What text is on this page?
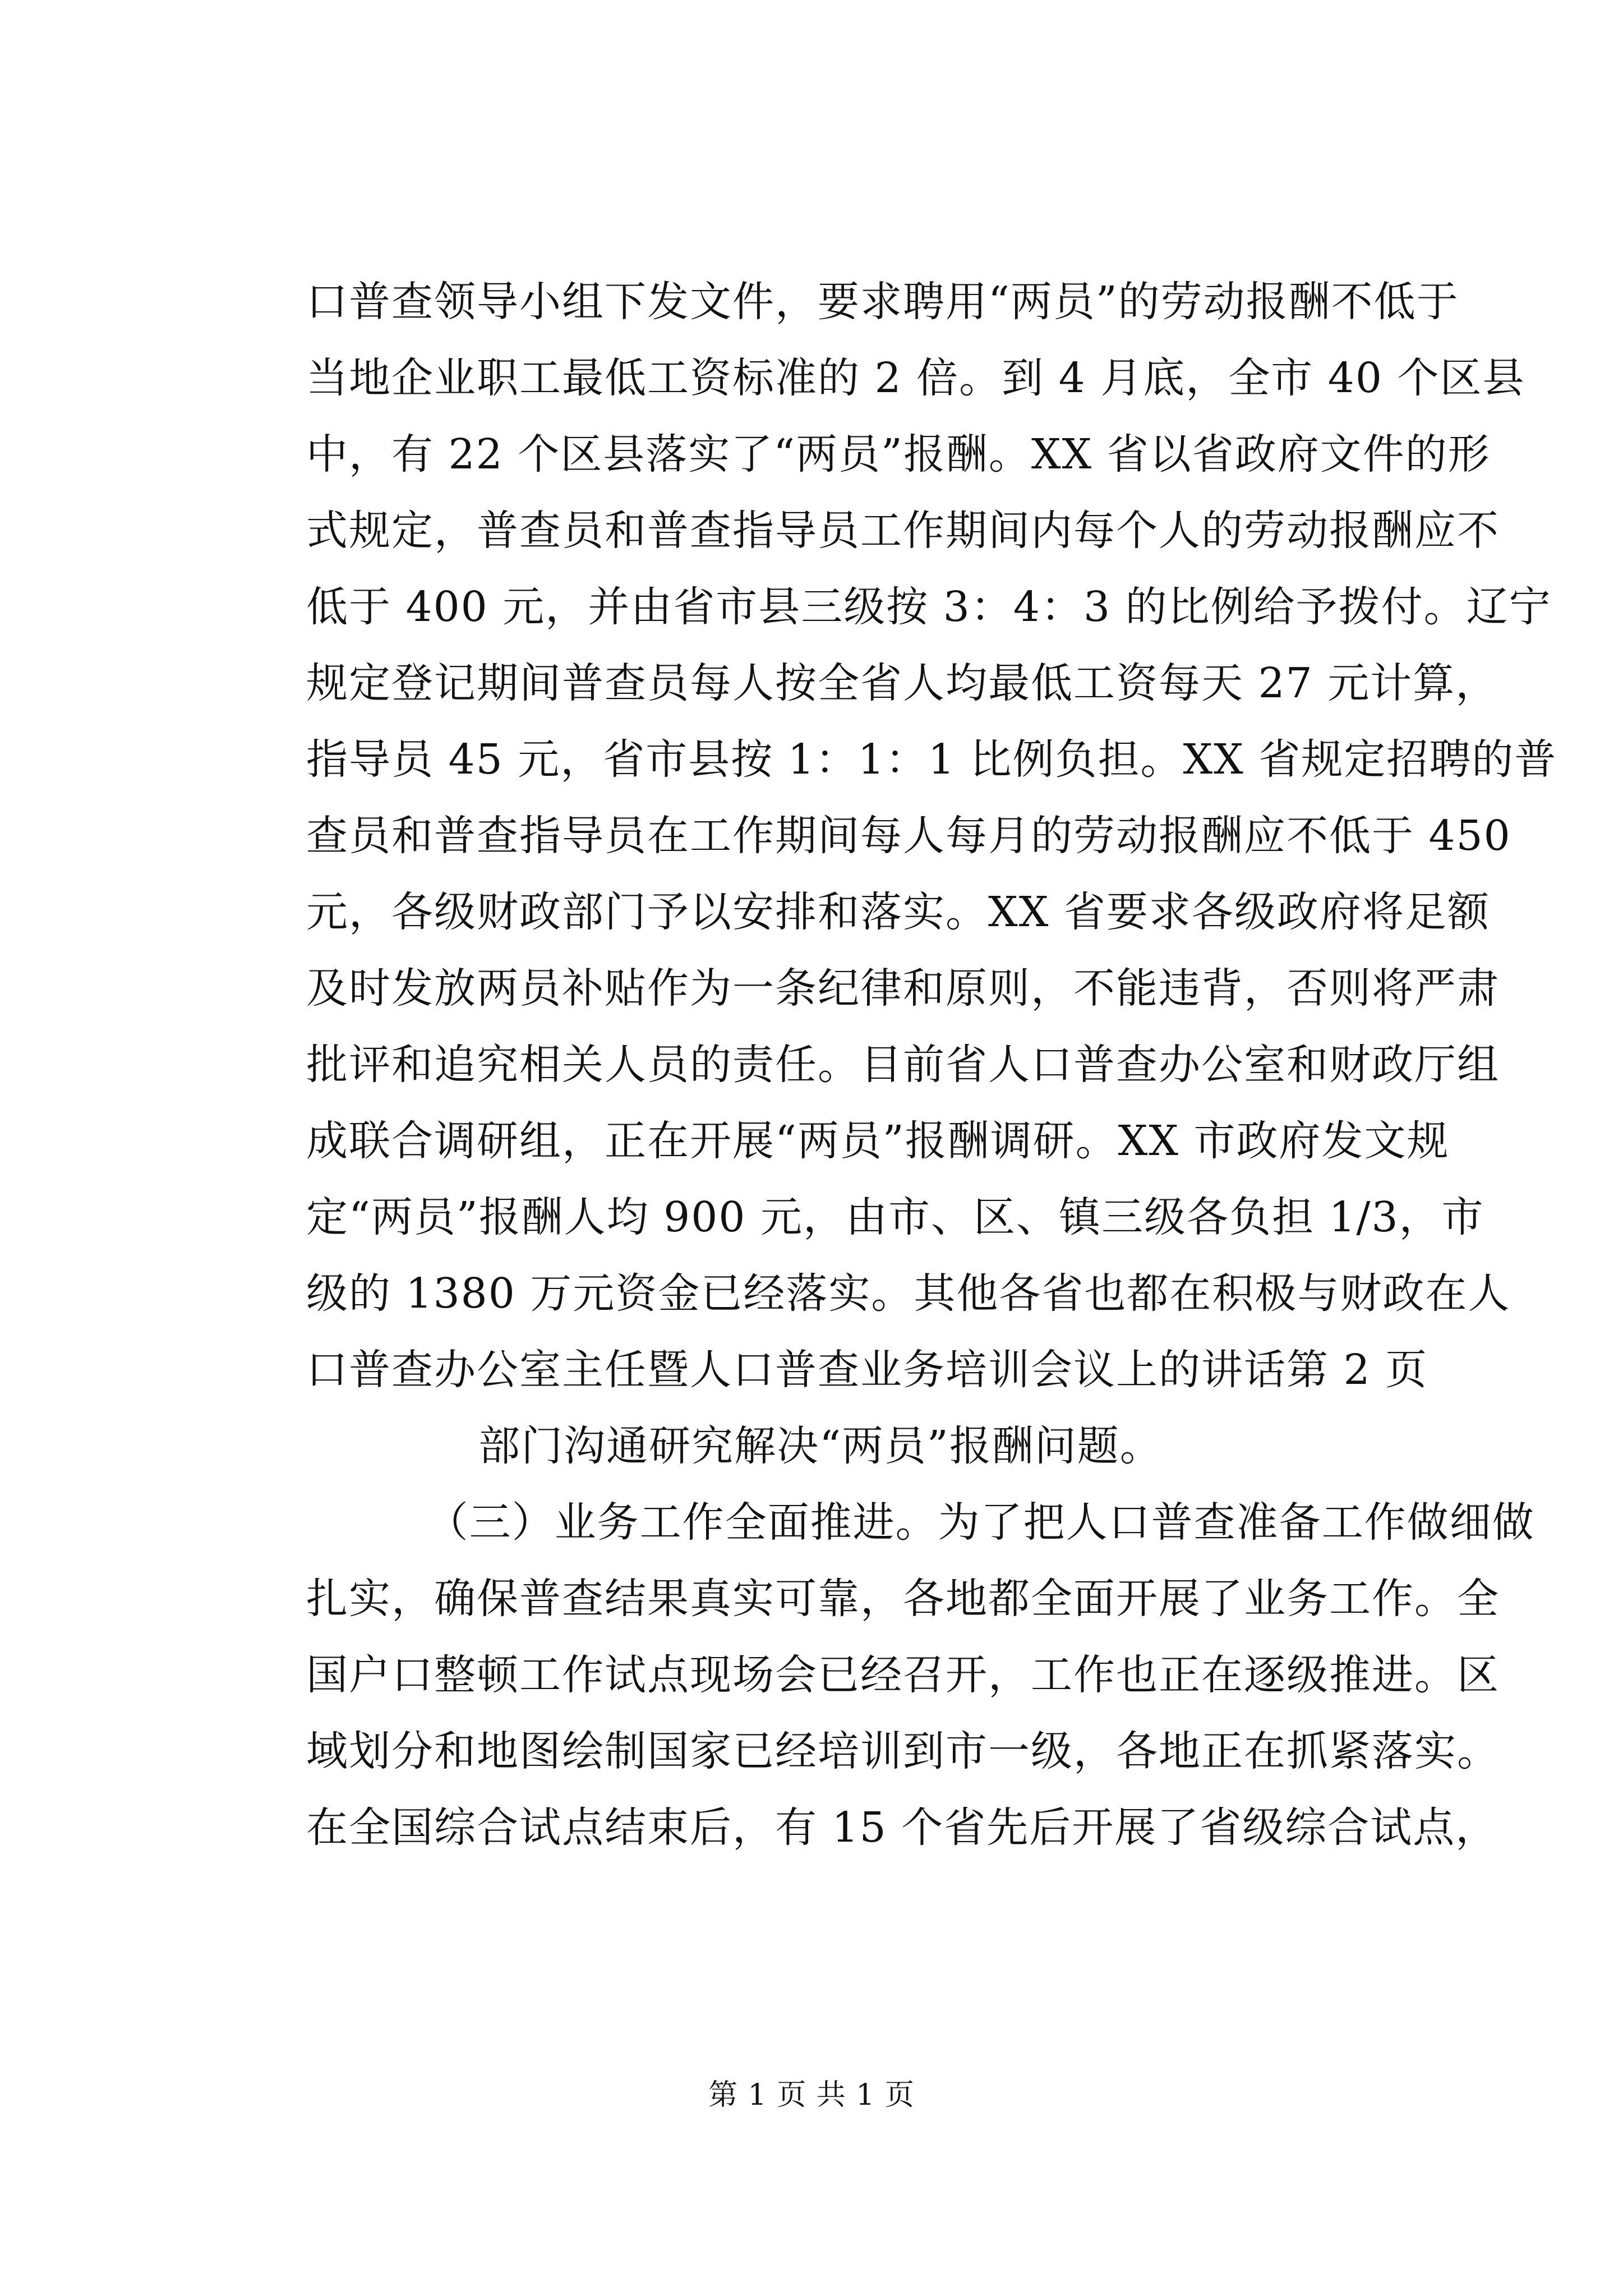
口普查领导小组下发文件，要求聘用“两员”的劳动报酬不低于
当地企业职工最低工资标准的 2 倍。到 4 月底，全市 40 个区县
中，有 22 个区县落实了“两员”报酬。XX 省以省政府文件的形
式规定，普查员和普查指导员工作期间内每个人的劳动报酬应不
低于 400 元，并由省市县三级按 3：4：3 的比例给予拨付。辽宁
规定登记期间普查员每人按全省人均最低工资每天 27 元计算，
指导员 45 元，省市县按 1：1：1 比例负担。XX 省规定招聘的普
查员和普查指导员在工作期间每人每月的劳动报酬应不低于 450
元，各级财政部门予以安排和落实。XX 省要求各级政府将足额
及时发放两员补贴作为一条纪律和原则，不能违背，否则将严肃
批评和追究相关人员的责任。目前省人口普查办公室和财政厅组
成联合调研组，正在开展“两员”报酬调研。XX 市政府发文规
定“两员”报酬人均 900 元，由市、区、镇三级各负担 1/3，市
级的 1380 万元资金已经落实。其他各省也都在积极与财政在人
口普查办公室主任暨人口普查业务培训会议上的讲话第 2 页
部门沟通研究解决“两员”报酬问题。
（三）业务工作全面推进。为了把人口普查准备工作做细做
扎实，确保普查结果真实可靠，各地都全面开展了业务工作。全
国户口整顿工作试点现场会已经召开，工作也正在逐级推进。区
域划分和地图绘制国家已经培训到市一级，各地正在抓紧落实。
在全国综合试点结束后，有 15 个省先后开展了省级综合试点，
第 1 页 共 1 页
